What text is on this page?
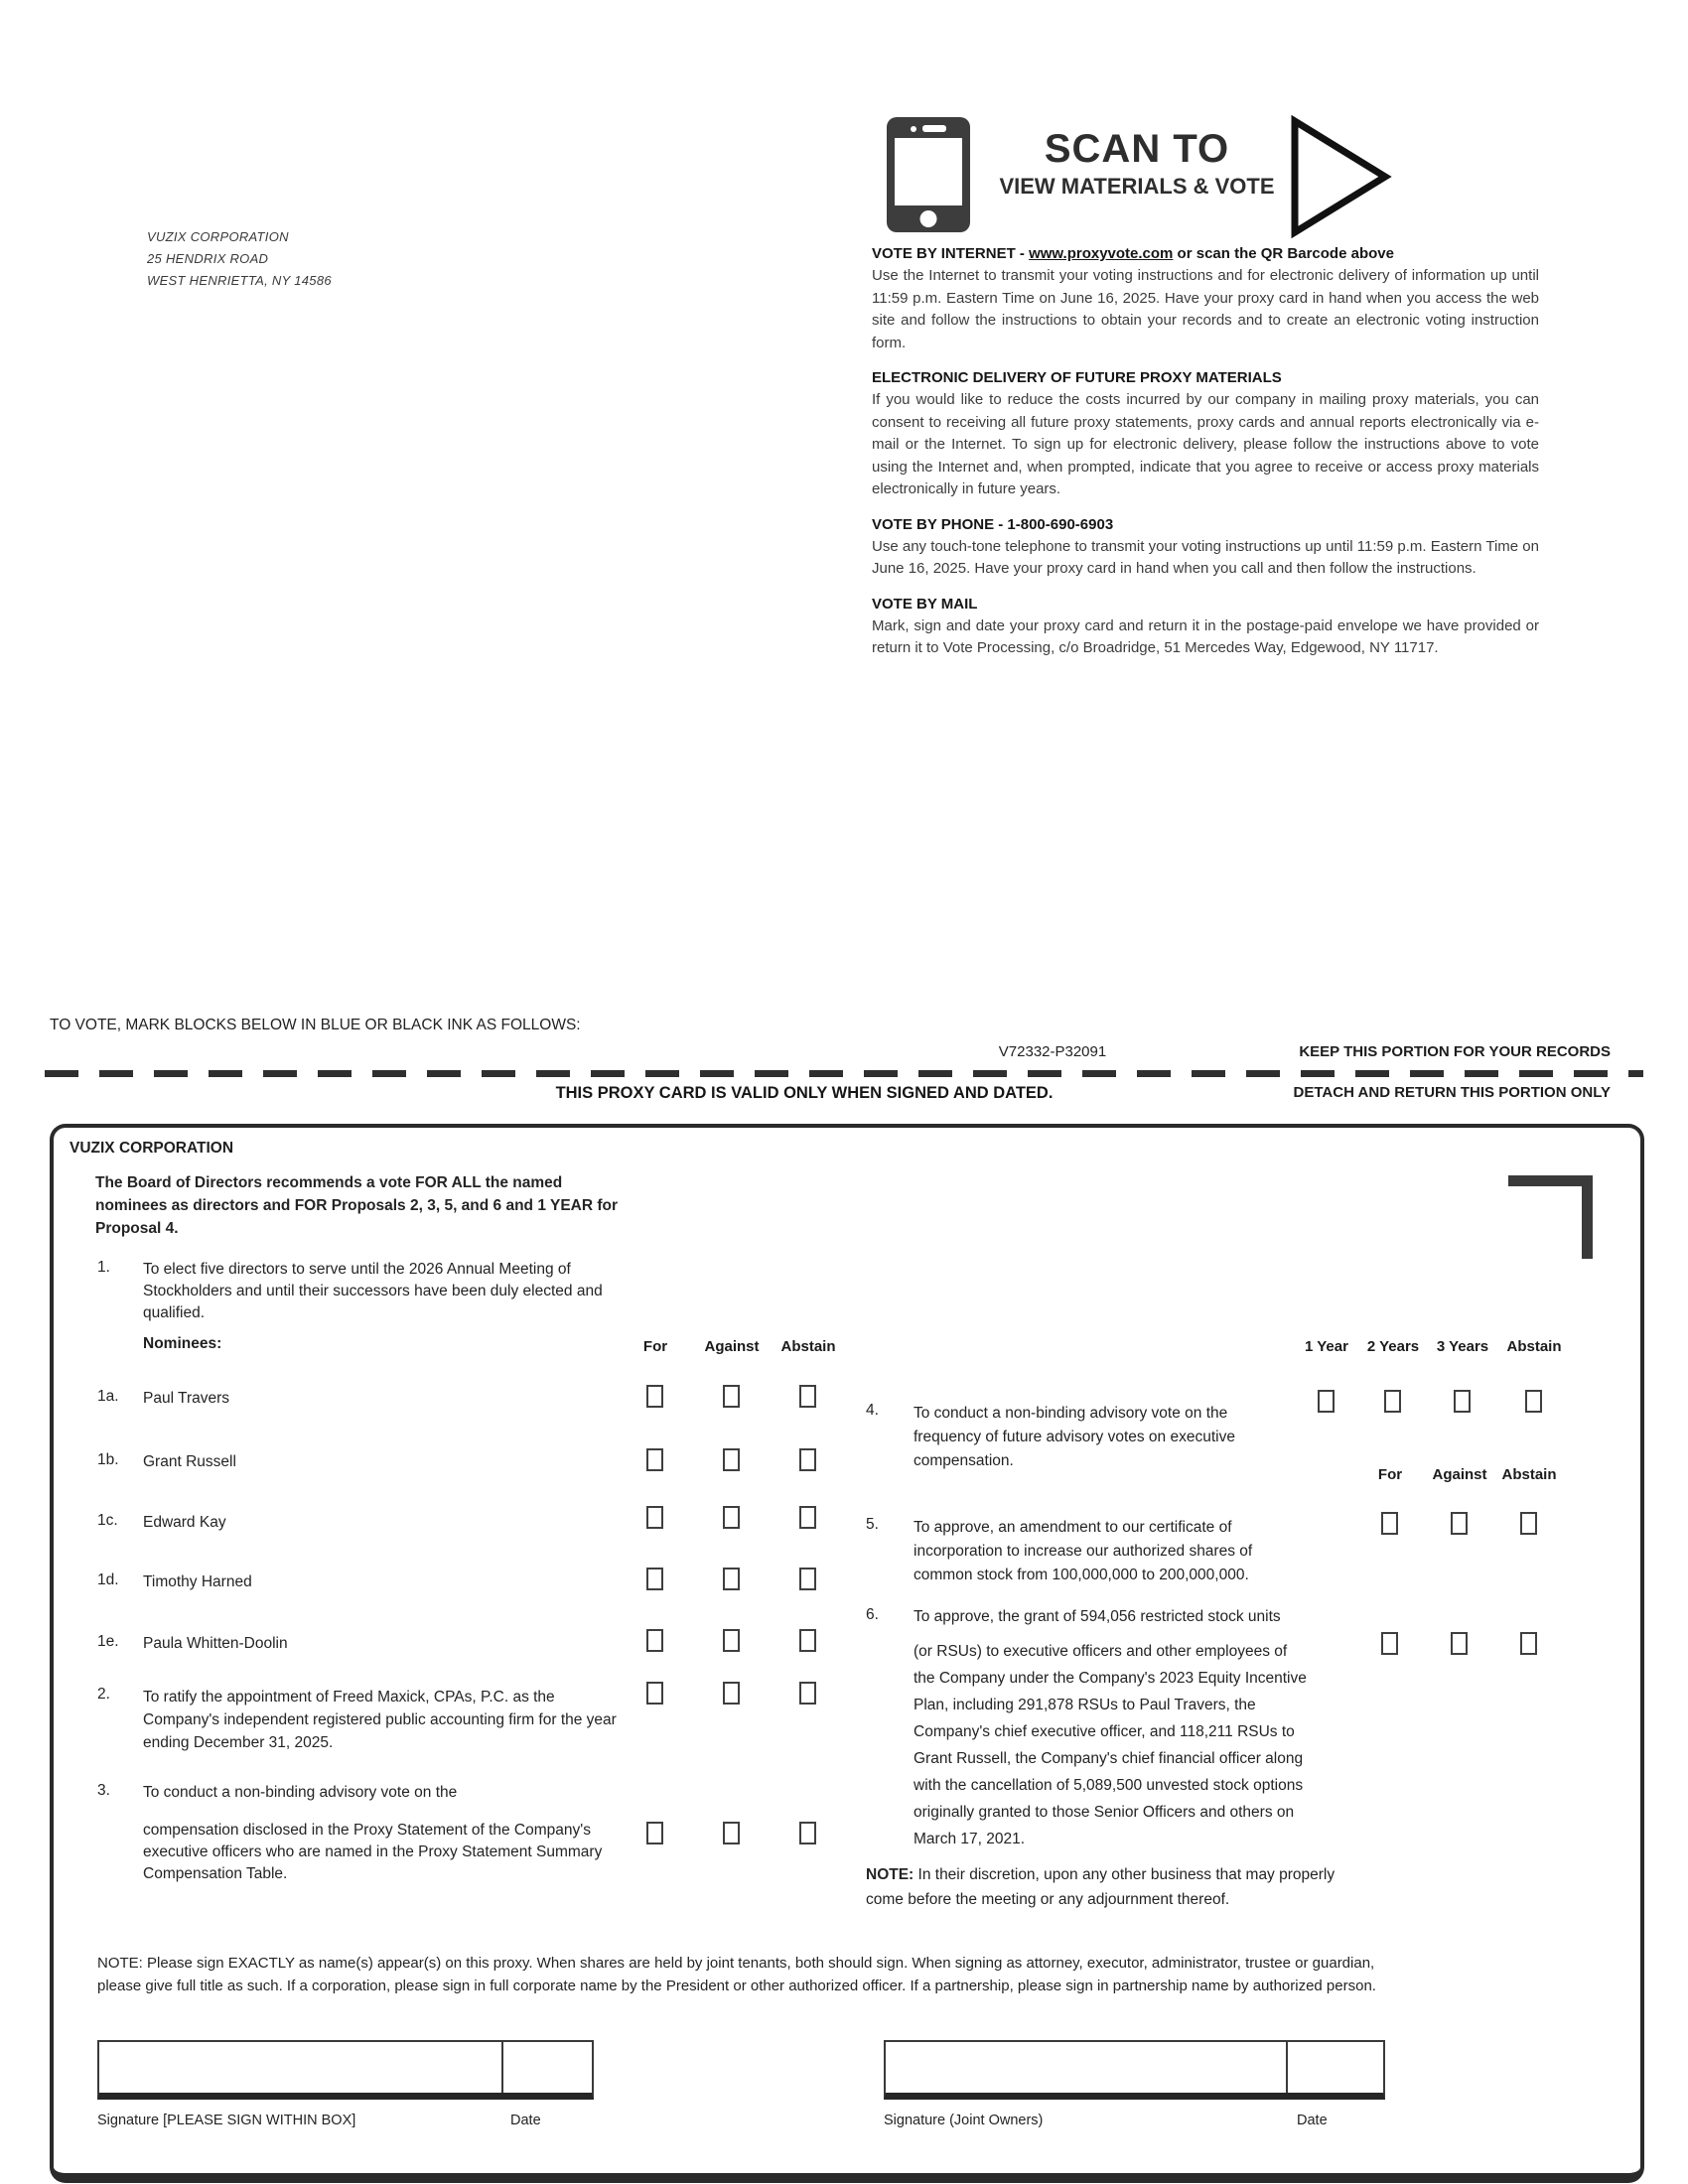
VUZIX CORPORATION
25 HENDRIX ROAD
WEST HENRIETTA, NY 14586
SCAN TO
VIEW MATERIALS & VOTE
VOTE BY INTERNET - www.proxyvote.com or scan the QR Barcode above
Use the Internet to transmit your voting instructions and for electronic delivery of information up until 11:59 p.m. Eastern Time on June 16, 2025. Have your proxy card in hand when you access the web site and follow the instructions to obtain your records and to create an electronic voting instruction form.
ELECTRONIC DELIVERY OF FUTURE PROXY MATERIALS
If you would like to reduce the costs incurred by our company in mailing proxy materials, you can consent to receiving all future proxy statements, proxy cards and annual reports electronically via e-mail or the Internet. To sign up for electronic delivery, please follow the instructions above to vote using the Internet and, when prompted, indicate that you agree to receive or access proxy materials electronically in future years.
VOTE BY PHONE - 1-800-690-6903
Use any touch-tone telephone to transmit your voting instructions up until 11:59 p.m. Eastern Time on June 16, 2025. Have your proxy card in hand when you call and then follow the instructions.
VOTE BY MAIL
Mark, sign and date your proxy card and return it in the postage-paid envelope we have provided or return it to Vote Processing, c/o Broadridge, 51 Mercedes Way, Edgewood, NY 11717.
TO VOTE, MARK BLOCKS BELOW IN BLUE OR BLACK INK AS FOLLOWS:
V72332-P32091	KEEP THIS PORTION FOR YOUR RECORDS
THIS PROXY CARD IS VALID ONLY WHEN SIGNED AND DATED.	DETACH AND RETURN THIS PORTION ONLY
VUZIX CORPORATION
The Board of Directors recommends a vote FOR ALL the named nominees as directors and FOR Proposals 2, 3, 5, and 6 and 1 YEAR for Proposal 4.
1. To elect five directors to serve until the 2026 Annual Meeting of Stockholders and until their successors have been duly elected and qualified.
Nominees:	For	Against	Abstain	1 Year	2 Years	3 Years	Abstain
1a. Paul Travers
1b. Grant Russell
1c. Edward Kay
1d. Timothy Harned
1e. Paula Whitten-Doolin
2. To ratify the appointment of Freed Maxick, CPAs, P.C. as the Company's independent registered public accounting firm for the year ending December 31, 2025.
3. To conduct a non-binding advisory vote on the
compensation disclosed in the Proxy Statement of the Company's executive officers who are named in the Proxy Statement Summary Compensation Table.
4. To conduct a non-binding advisory vote on the frequency of future advisory votes on executive compensation.
For	Against Abstain
5. To approve, an amendment to our certificate of incorporation to increase our authorized shares of common stock from 100,000,000 to 200,000,000.
6. To approve, the grant of 594,056 restricted stock units
(or RSUs) to executive officers and other employees of the Company under the Company's 2023 Equity Incentive Plan, including 291,878 RSUs to Paul Travers, the Company's chief executive officer, and 118,211 RSUs to Grant Russell, the Company's chief financial officer along with the cancellation of 5,089,500 unvested stock options originally granted to those Senior Officers and others on March 17, 2021.
NOTE: In their discretion, upon any other business that may properly come before the meeting or any adjournment thereof.
NOTE: Please sign EXACTLY as name(s) appear(s) on this proxy. When shares are held by joint tenants, both should sign. When signing as attorney, executor, administrator, trustee or guardian, please give full title as such. If a corporation, please sign in full corporate name by the President or other authorized officer. If a partnership, please sign in partnership name by authorized person.
Signature [PLEASE SIGN WITHIN BOX]	Date	Signature (Joint Owners)	Date
